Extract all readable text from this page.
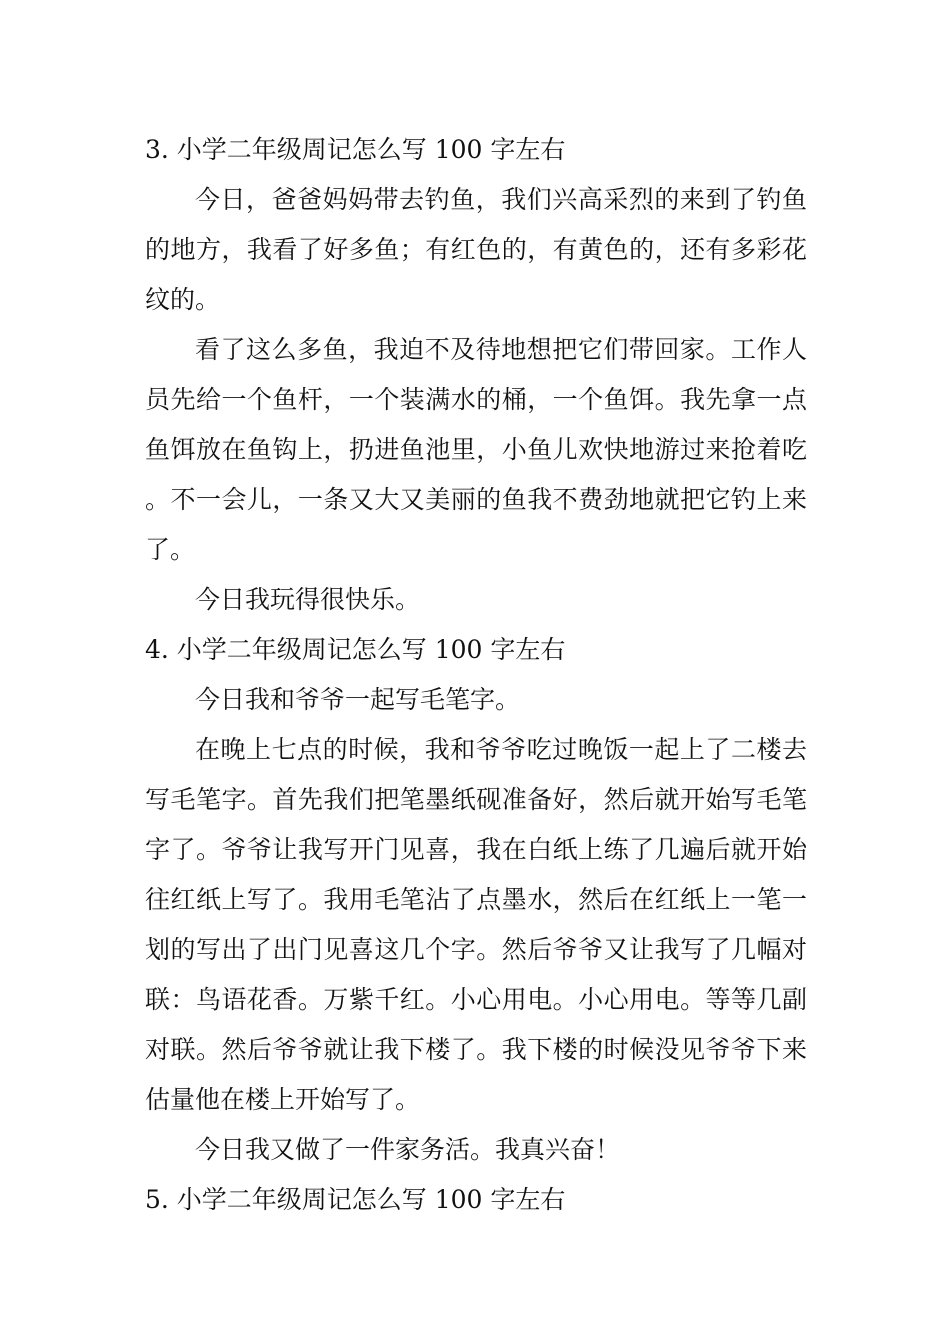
3. 小学二年级周记怎么写 100 字左右

今日，爸爸妈妈带去钓鱼，我们兴高采烈的来到了钓鱼的地方，我看了好多鱼；有红色的，有黄色的，还有多彩花纹的。

看了这么多鱼，我迫不及待地想把它们带回家。工作人员先给一个鱼杆，一个装满水的桶，一个鱼饵。我先拿一点鱼饵放在鱼钩上，扔进鱼池里，小鱼儿欢快地游过来抢着吃。不一会儿，一条又大又美丽的鱼我不费劲地就把它钓上来了。

今日我玩得很快乐。

4. 小学二年级周记怎么写 100 字左右

今日我和爷爷一起写毛笔字。

在晚上七点的时候，我和爷爷吃过晚饭一起上了二楼去写毛笔字。首先我们把笔墨纸砚准备好，然后就开始写毛笔字了。爷爷让我写开门见喜，我在白纸上练了几遍后就开始往红纸上写了。我用毛笔沾了点墨水，然后在红纸上一笔一划的写出了出门见喜这几个字。然后爷爷又让我写了几幅对联：鸟语花香。万紫千红。小心用电。小心用电。等等几副对联。然后爷爷就让我下楼了。我下楼的时候没见爷爷下来估量他在楼上开始写了。

今日我又做了一件家务活。我真兴奋！

5. 小学二年级周记怎么写 100 字左右
